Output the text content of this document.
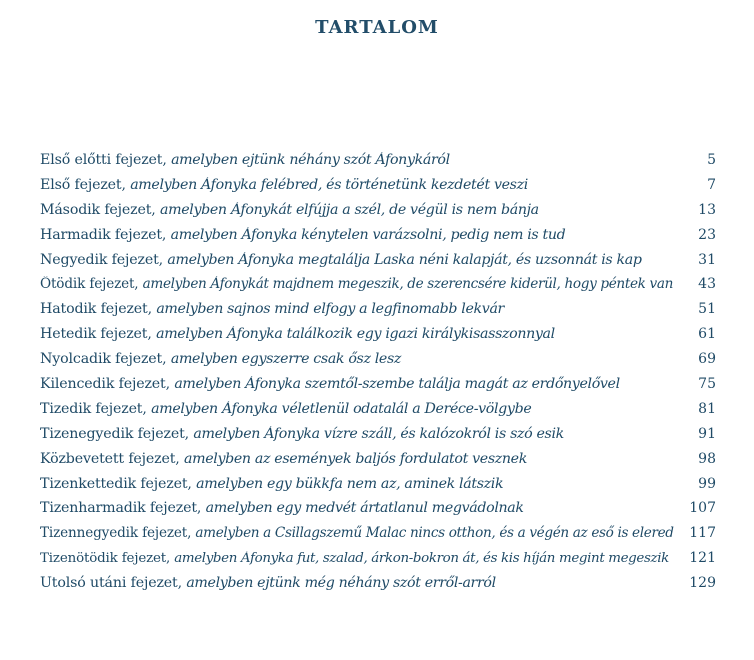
TARTALOM
Első előtti fejezet, amelyben ejtünk néhány szót Áfonykáról	5
Első fejezet, amelyben Áfonyka felébred, és történetünk kezdetét veszi	7
Második fejezet, amelyben Áfonykát elfújja a szél, de végül is nem bánja	13
Harmadik fejezet, amelyben Áfonyka kénytelen varázsolni, pedig nem is tud	23
Negyedik fejezet, amelyben Áfonyka megtalálja Laska néni kalapját, és uzsonnát is kap	31
Ötödik fejezet, amelyben Áfonykát majdnem megeszik, de szerencsére kiderül, hogy péntek van	43
Hatodik fejezet, amelyben sajnos mind elfogy a legfinomabb lekvár	51
Hetedik fejezet, amelyben Áfonyka találkozik egy igazi királykisasszonnyal	61
Nyolcadik fejezet, amelyben egyszerre csak ősz lesz	69
Kilencedik fejezet, amelyben Áfonyka szemtől-szembe találja magát az erdőnyelővel	75
Tizedik fejezet, amelyben Áfonyka véletlenül odatalál a Deréce-völgybe	81
Tizenegyedik fejezet, amelyben Áfonyka vízre száll, és kalózokról is szó esik	91
Közbevetett fejezet, amelyben az események baljós fordulatot vesznek	98
Tizenkettedik fejezet, amelyben egy bükkfa nem az, aminek látszik	99
Tizenharmadik fejezet, amelyben egy medvét ártatlanul megvádolnak	107
Tizennegyedik fejezet, amelyben a Csillagszemű Malac nincs otthon, és a végén az eső is elered	117
Tizenötödik fejezet, amelyben Áfonyka fut, szalad, árkon-bokron át, és kis híján megint megeszik	121
Utolsó utáni fejezet, amelyben ejtünk még néhány szót erről-arról	129
